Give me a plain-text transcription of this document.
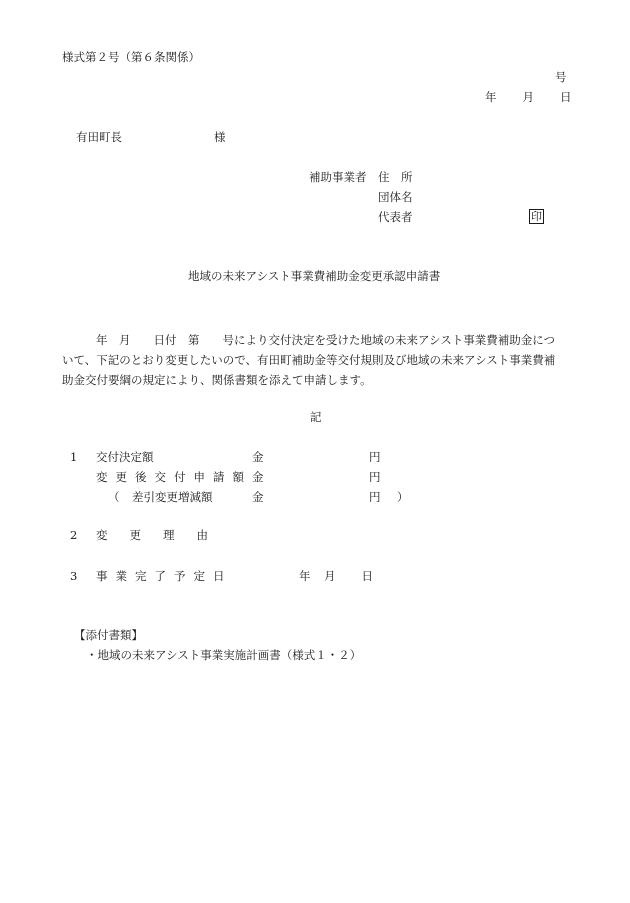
様式第２号（第６条関係）
号
年　　月　　日
有田町長	様
補助事業者 住　所
団体名
代表者	印
地域の未来アシスト事業費補助金変更承認申請書
年　月　　日付　第　　号により交付決定を受けた地域の未来アシスト事業費補助金につ
いて、下記のとおり変更したいので、有田町補助金等交付規則及び地域の未来アシスト事業費補
助金交付要綱の規定により、関係書類を添えて申請します。
記
1 交付決定額	金	円
変更後交付申請額 金	円
（ 差引変更増減額	金	円 ）
2 変更理由
3 事業完了予定日	年　月　　日
【添付書類】
・地域の未来アシスト事業実施計画書（様式１・２）
